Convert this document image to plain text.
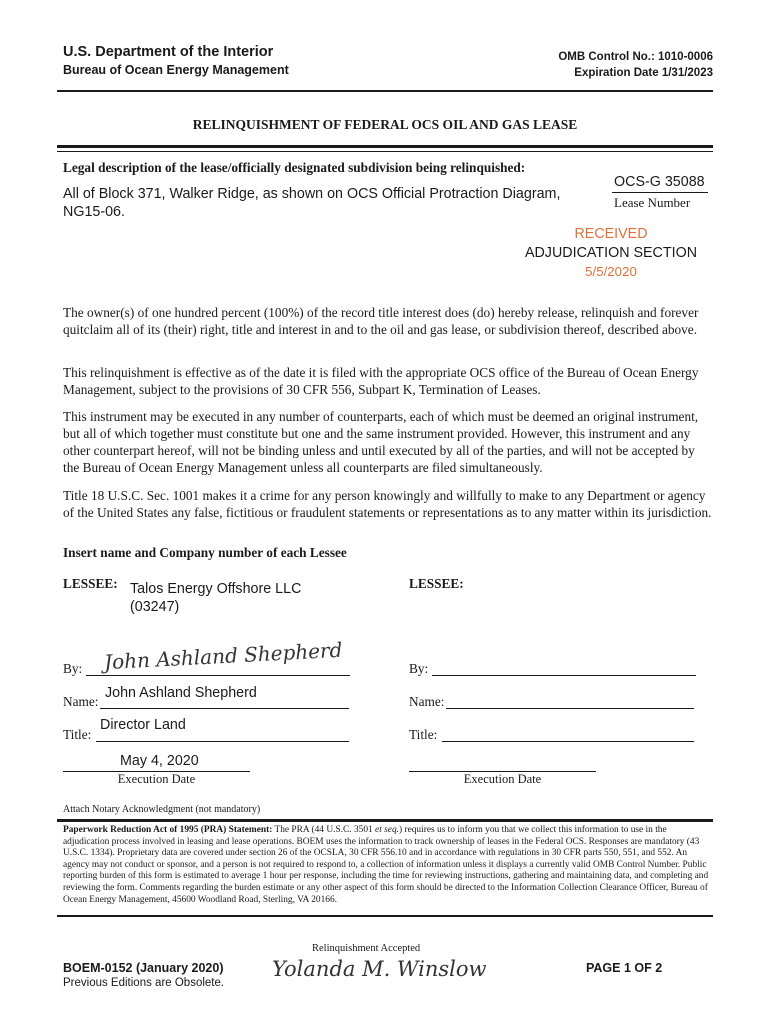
U.S. Department of the Interior
Bureau of Ocean Energy Management
OMB Control No.: 1010-0006
Expiration Date 1/31/2023
RELINQUISHMENT OF FEDERAL OCS OIL AND GAS LEASE
Legal description of the lease/officially designated subdivision being relinquished:
All of Block 371, Walker Ridge, as shown on OCS Official Protraction Diagram,
NG15-06.
OCS-G 35088
Lease Number
RECEIVED
ADJUDICATION SECTION
5/5/2020
The owner(s) of one hundred percent (100%) of the record title interest does (do) hereby release, relinquish and forever quitclaim all of its (their) right, title and interest in and to the oil and gas lease, or subdivision thereof, described above.
This relinquishment is effective as of the date it is filed with the appropriate OCS office of the Bureau of Ocean Energy Management, subject to the provisions of 30 CFR 556, Subpart K, Termination of Leases.
This instrument may be executed in any number of counterparts, each of which must be deemed an original instrument, but all of which together must constitute but one and the same instrument provided. However, this instrument and any other counterpart hereof, will not be binding unless and until executed by all of the parties, and will not be accepted by the Bureau of Ocean Energy Management unless all counterparts are filed simultaneously.
Title 18 U.S.C. Sec. 1001 makes it a crime for any person knowingly and willfully to make to any Department or agency of the United States any false, fictitious or fraudulent statements or representations as to any matter within its jurisdiction.
Insert name and Company number of each Lessee
LESSEE: Talos Energy Offshore LLC
(03247)
By: John Ashland Shepherd
Name:
John Ashland Shepherd
Title:
Director Land
May 4, 2020
Execution Date
LESSEE:
By:
Name:
Title:
Execution Date
Attach Notary Acknowledgment (not mandatory)
Paperwork Reduction Act of 1995 (PRA) Statement: The PRA (44 U.S.C. 3501 et seq.) requires us to inform you that we collect this information to use in the adjudication process involved in leasing and lease operations. BOEM uses the information to track ownership of leases in the Federal OCS. Responses are mandatory (43 U.S.C. 1334). Proprietary data are covered under section 26 of the OCSLA, 30 CFR 556.10 and in accordance with regulations in 30 CFR parts 550, 551, and 552. An agency may not conduct or sponsor, and a person is not required to respond to, a collection of information unless it displays a currently valid OMB Control Number. Public reporting burden of this form is estimated to average 1 hour per response, including the time for reviewing instructions, gathering and maintaining data, and completing and reviewing the form. Comments regarding the burden estimate or any other aspect of this form should be directed to the Information Collection Clearance Officer, Bureau of Ocean Energy Management, 45600 Woodland Road, Sterling, VA 20166.
Relinquishment Accepted
Yolanda M. Winslow
BOEM-0152 (January 2020)
Previous Editions are Obsolete.
PAGE 1 OF 2
